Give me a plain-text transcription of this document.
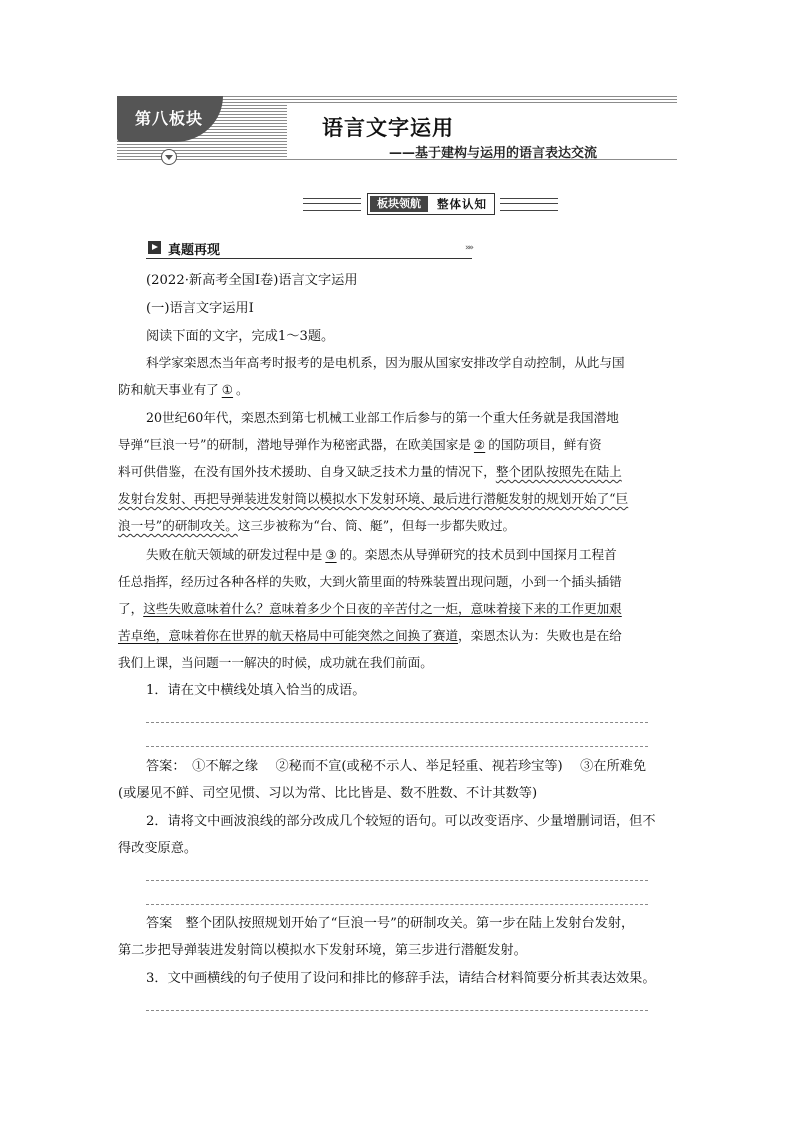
第八板块	语言文字运用
——基于建构与运用的语言表达交流
板块领航	整体认知
真题再现	»»
(2022·新高考全国Ⅰ卷)语言文字运用
(一)语言文字运用Ⅰ
阅读下面的文字，完成1～3题。
科学家栾恩杰当年高考时报考的是电机系，因为服从国家安排改学自动控制，从此与国
防和航天事业有了 ① 。
20世纪60年代，栾恩杰到第七机械工业部工作后参与的第一个重大任务就是我国潜地
导弹“巨浪一号”的研制，潜地导弹作为秘密武器，在欧美国家是 ② 的国防项目，鲜有资
料可供借鉴，在没有国外技术援助、自身又缺乏技术力量的情况下，整个团队按照先在陆上
发射台发射、再把导弹装进发射筒以模拟水下发射环境、最后进行潜艇发射的规划开始了“巨
浪一号”的研制攻关。这三步被称为“台、筒、艇”，但每一步都失败过。
失败在航天领域的研发过程中是 ③ 的。栾恩杰从导弹研究的技术员到中国探月工程首
任总指挥，经历过各种各样的失败，大到火箭里面的特殊装置出现问题，小到一个插头插错
了，这些失败意味着什么？意味着多少个日夜的辛苦付之一炬，意味着接下来的工作更加艰
苦卓绝，意味着你在世界的航天格局中可能突然之间换了赛道，栾恩杰认为：失败也是在给
我们上课，当问题一一解决的时候，成功就在我们前面。
1．请在文中横线处填入恰当的成语。
答案：　①不解之缘　 ②秘而不宣(或秘不示人、举足轻重、视若珍宝等)　 ③在所难免
(或屡见不鲜、司空见惯、习以为常、比比皆是、数不胜数、不计其数等)
2．请将文中画波浪线的部分改成几个较短的语句。可以改变语序、少量增删词语，但不
得改变原意。
答案　整个团队按照规划开始了“巨浪一号”的研制攻关。第一步在陆上发射台发射，
第二步把导弹装进发射筒以模拟水下发射环境，第三步进行潜艇发射。
3．文中画横线的句子使用了设问和排比的修辞手法，请结合材料简要分析其表达效果。
